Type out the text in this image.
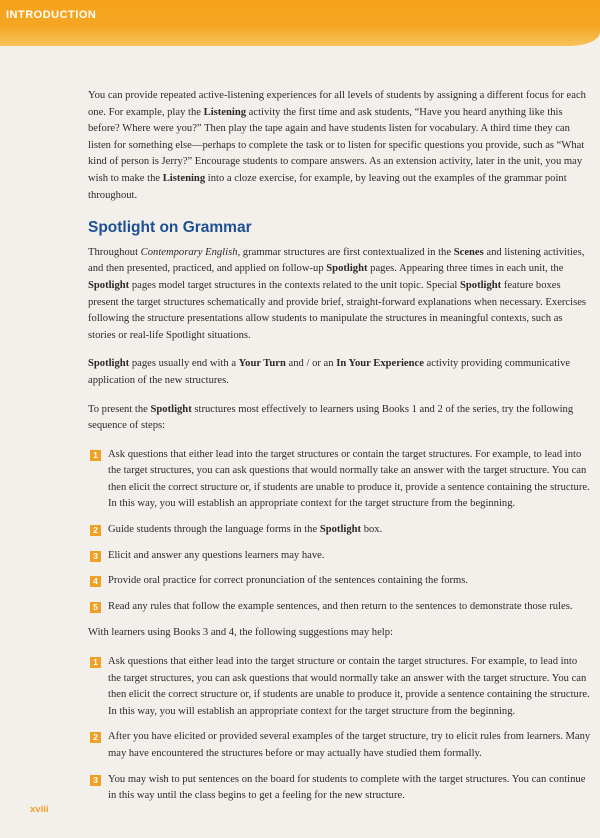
INTRODUCTION

You can provide repeated active-listening experiences for all levels of students by assigning a different focus for each one. For example, play the Listening activity the first time and ask students, “Have you heard anything like this before? Where were you?” Then play the tape again and have students listen for vocabulary. A third time they can listen for something else—perhaps to complete the task or to listen for specific questions you provide, such as “What kind of person is Jerry?” Encourage students to compare answers. As an extension activity, later in the unit, you may wish to make the Listening into a cloze exercise, for example, by leaving out the examples of the grammar point throughout.

Spotlight on Grammar

Throughout Contemporary English, grammar structures are first contextualized in the Scenes and listening activities, and then presented, practiced, and applied on follow-up Spotlight pages. Appearing three times in each unit, the Spotlight pages model target structures in the contexts related to the unit topic. Special Spotlight feature boxes present the target structures schematically and provide brief, straight-forward explanations when necessary. Exercises following the structure presentations allow students to manipulate the structures in meaningful contexts, such as stories or real-life Spotlight situations.

Spotlight pages usually end with a Your Turn and / or an In Your Experience activity providing communicative application of the new structures.

To present the Spotlight structures most effectively to learners using Books 1 and 2 of the series, try the following sequence of steps:

1 Ask questions that either lead into the target structures or contain the target structures. For example, to lead into the target structures, you can ask questions that would normally take an answer with the target structure. You can then elicit the correct structure or, if students are unable to produce it, provide a sentence containing the structure. In this way, you will establish an appropriate context for the target structure from the beginning.
2 Guide students through the language forms in the Spotlight box.
3 Elicit and answer any questions learners may have.
4 Provide oral practice for correct pronunciation of the sentences containing the forms.
5 Read any rules that follow the example sentences, and then return to the sentences to demonstrate those rules.

With learners using Books 3 and 4, the following suggestions may help:

1 Ask questions that either lead into the target structure or contain the target structures. For example, to lead into the target structures, you can ask questions that would normally take an answer with the target structure. You can then elicit the correct structure or, if students are unable to produce it, provide a sentence containing the structure. In this way, you will establish an appropriate context for the target structure from the beginning.
2 After you have elicited or provided several examples of the target structure, try to elicit rules from learners. Many may have encountered the structures before or may actually have studied them formally.
3 You may wish to put sentences on the board for students to complete with the target structures. You can continue in this way until the class begins to get a feeling for the new structure.
xviii
